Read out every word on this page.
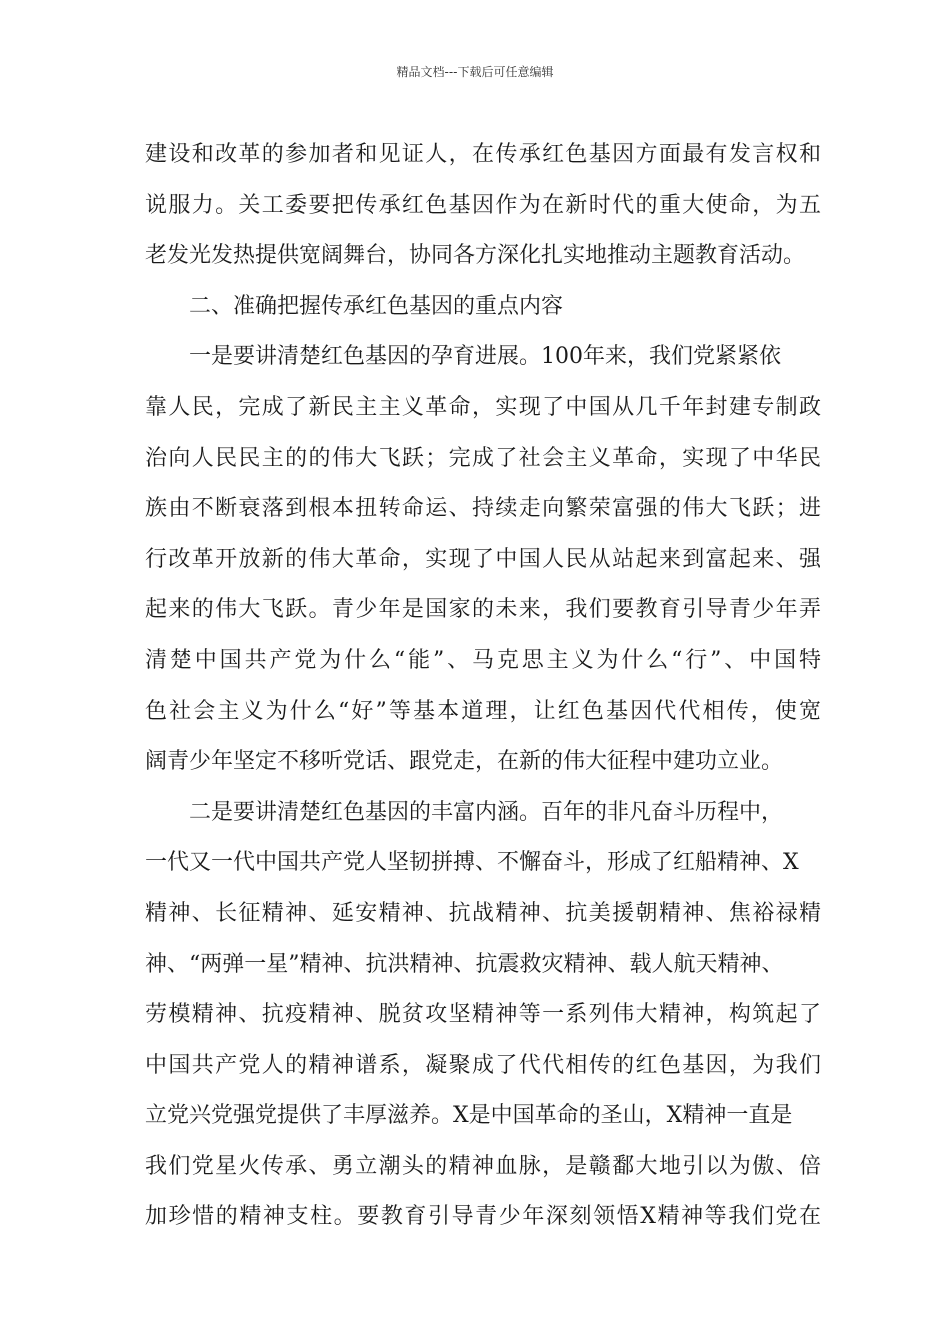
精品文档---下载后可任意编辑
建设和改革的参加者和见证人，在传承红色基因方面最有发言权和
说服力。关工委要把传承红色基因作为在新时代的重大使命，为五
老发光发热提供宽阔舞台，协同各方深化扎实地推动主题教育活动。
二、准确把握传承红色基因的重点内容
一是要讲清楚红色基因的孕育进展。100年来，我们党紧紧依
靠人民，完成了新民主主义革命，实现了中国从几千年封建专制政
治向人民民主的的伟大飞跃；完成了社会主义革命，实现了中华民
族由不断衰落到根本扭转命运、持续走向繁荣富强的伟大飞跃；进
行改革开放新的伟大革命，实现了中国人民从站起来到富起来、强
起来的伟大飞跃。青少年是国家的未来，我们要教育引导青少年弄
清楚中国共产党为什么“能”、马克思主义为什么“行”、中国特
色社会主义为什么“好”等基本道理，让红色基因代代相传，使宽
阔青少年坚定不移听党话、跟党走，在新的伟大征程中建功立业。
二是要讲清楚红色基因的丰富内涵。百年的非凡奋斗历程中，
一代又一代中国共产党人坚韧拼搏、不懈奋斗，形成了红船精神、X
精神、长征精神、延安精神、抗战精神、抗美援朝精神、焦裕禄精
神、“两弹一星”精神、抗洪精神、抗震救灾精神、载人航天精神、
劳模精神、抗疫精神、脱贫攻坚精神等一系列伟大精神，构筑起了
中国共产党人的精神谱系，凝聚成了代代相传的红色基因，为我们
立党兴党强党提供了丰厚滋养。X是中国革命的圣山，X精神一直是
我们党星火传承、勇立潮头的精神血脉，是赣鄱大地引以为傲、倍
加珍惜的精神支柱。要教育引导青少年深刻领悟X精神等我们党在
